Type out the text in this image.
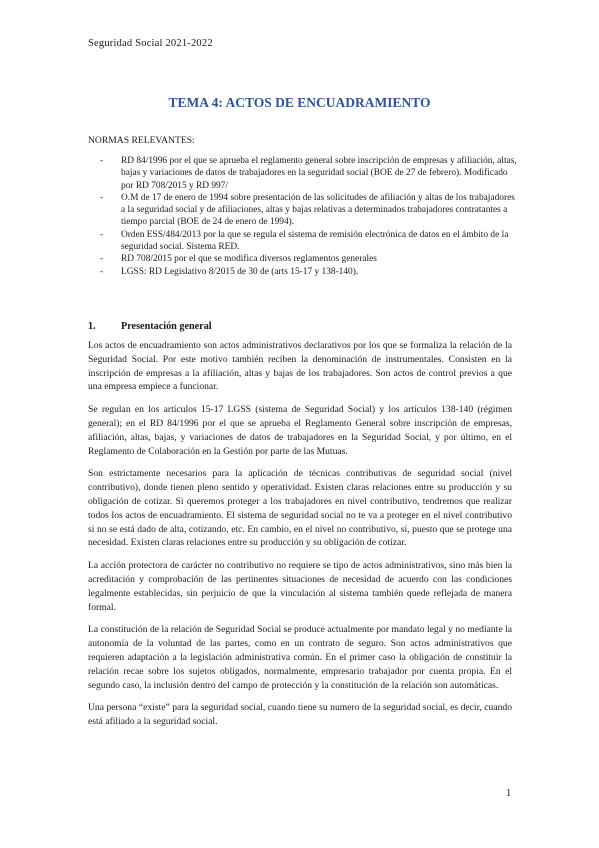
Seguridad Social 2021-2022
TEMA 4: ACTOS DE ENCUADRAMIENTO
NORMAS RELEVANTES:
- RD 84/1996 por el que se aprueba el reglamento general sobre inscripción de empresas y afiliación, altas, bajas y variaciones de datos de trabajadores en la seguridad social (BOE de 27 de febrero). Modificado por RD 708/2015 y RD 997/
- O.M de 17 de enero de 1994 sobre presentación de las solicitudes de afiliación y altas de los trabajadores a la seguridad social y de afiliaciones, altas y bajas relativas a determinados trabajadores contratantes a tiempo parcial (BOE de 24 de enero de 1994).
- Orden ESS/484/2013 por la que se regula el sistema de remisión electrónica de datos en el ámbito de la seguridad social. Sistema RED.
- RD 708/2015 por el que se modifica diversos reglamentos generales
- LGSS: RD Legislativo 8/2015 de 30 de (arts 15-17 y 138-140).
1. Presentación general

Los actos de encuadramiento son actos administrativos declarativos por los que se formaliza la relación de la Seguridad Social. Por este motivo también reciben la denominación de instrumentales. Consisten en la inscripción de empresas a la afiliación, altas y bajas de los trabajadores. Son actos de control previos a que una empresa empiece a funcionar.

Se regulan en los artículos 15-17 LGSS (sistema de Seguridad Social) y los artículos 138-140 (régimen general); en el RD 84/1996 por el que se aprueba el Reglamento General sobre inscripción de empresas, afiliación, altas, bajas, y variaciones de datos de trabajadores en la Seguridad Social, y por último, en el Reglamento de Colaboración en la Gestión por parte de las Mutuas.

Son estrictamente necesarios para la aplicación de técnicas contributivas de seguridad social (nivel contributivo), donde tienen pleno sentido y operatividad. Existen claras relaciones entre su producción y su obligación de cotizar. Si queremos proteger a los trabajadores en nivel contributivo, tendremos que realizar todos los actos de encuadramiento. El sistema de seguridad social no te va a proteger en el nivel contributivo si no se está dado de alta, cotizando, etc. En cambio, en el nivel no contributivo, sí, puesto que se protege una necesidad. Existen claras relaciones entre su producción y su obligación de cotizar.

La acción protectora de carácter no contributivo no requiere se tipo de actos administrativos, sino más bien la acreditación y comprobación de las pertinentes situaciones de necesidad de acuerdo con las condiciones legalmente establecidas, sin perjuicio de que la vinculación al sistema también quede reflejada de manera formal.

La constitución de la relación de Seguridad Social se produce actualmente por mandato legal y no mediante la autonomía de la voluntad de las partes, como en un contrato de seguro. Son actos administrativos que requieren adaptación a la legislación administrativa común. En el primer caso la obligación de constituir la relación recae sobre los sujetos obligados, normalmente, empresario trabajador por cuenta propia. En el segundo caso, la inclusión dentro del campo de protección y la constitución de la relación son automáticas.

Una persona “existe” para la seguridad social, cuando tiene su numero de la seguridad social, es decir, cuando está afiliado a la seguridad social.

1
